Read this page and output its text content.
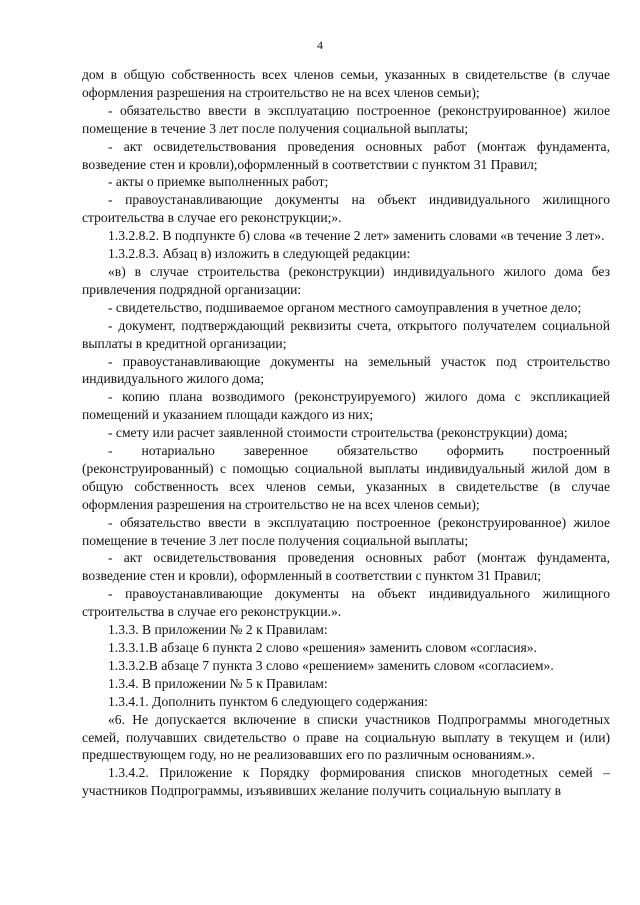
4

дом в общую собственность всех членов семьи, указанных в свидетельстве (в случае оформления разрешения на строительство не на всех членов семьи);

- обязательство ввести в эксплуатацию построенное (реконструированное) жилое помещение в течение 3 лет после получения социальной выплаты;

- акт освидетельствования проведения основных работ (монтаж фундамента, возведение стен и кровли),оформленный в соответствии с пунктом 31 Правил;

- акты о приемке выполненных работ;

- правоустанавливающие документы на объект индивидуального жилищного строительства в случае его реконструкции;».

1.3.2.8.2. В подпункте б) слова «в течение 2 лет» заменить словами «в течение 3 лет».

1.3.2.8.3. Абзац в) изложить в следующей редакции:

«в) в случае строительства (реконструкции) индивидуального жилого дома без привлечения подрядной организации:

- свидетельство, подшиваемое органом местного самоуправления в учетное дело;

- документ, подтверждающий реквизиты счета, открытого получателем социальной выплаты в кредитной организации;

- правоустанавливающие документы на земельный участок под строительство индивидуального жилого дома;

- копию плана возводимого (реконструируемого) жилого дома с экспликацией помещений и указанием площади каждого из них;

- смету или расчет заявленной стоимости строительства (реконструкции) дома;

- нотариально заверенное обязательство оформить построенный (реконструированный) с помощью социальной выплаты индивидуальный жилой дом в общую собственность всех членов семьи, указанных в свидетельстве (в случае оформления разрешения на строительство не на всех членов семьи);

- обязательство ввести в эксплуатацию построенное (реконструированное) жилое помещение в течение 3 лет после получения социальной выплаты;

- акт освидетельствования проведения основных работ (монтаж фундамента, возведение стен и кровли), оформленный в соответствии с пунктом 31 Правил;

- правоустанавливающие документы на объект индивидуального жилищного строительства в случае его реконструкции.».

1.3.3. В приложении № 2 к Правилам:

1.3.3.1.В абзаце 6 пункта 2 слово «решения» заменить словом «согласия».

1.3.3.2.В абзаце 7 пункта 3 слово «решением» заменить словом «согласием».

1.3.4. В приложении № 5 к Правилам:

1.3.4.1. Дополнить пунктом 6 следующего содержания:

«6. Не допускается включение в списки участников Подпрограммы многодетных семей, получавших свидетельство о праве на социальную выплату в текущем и (или) предшествующем году, но не реализовавших его по различным основаниям.».

1.3.4.2. Приложение к Порядку формирования списков многодетных семей – участников Подпрограммы, изъявивших желание получить социальную выплату в
